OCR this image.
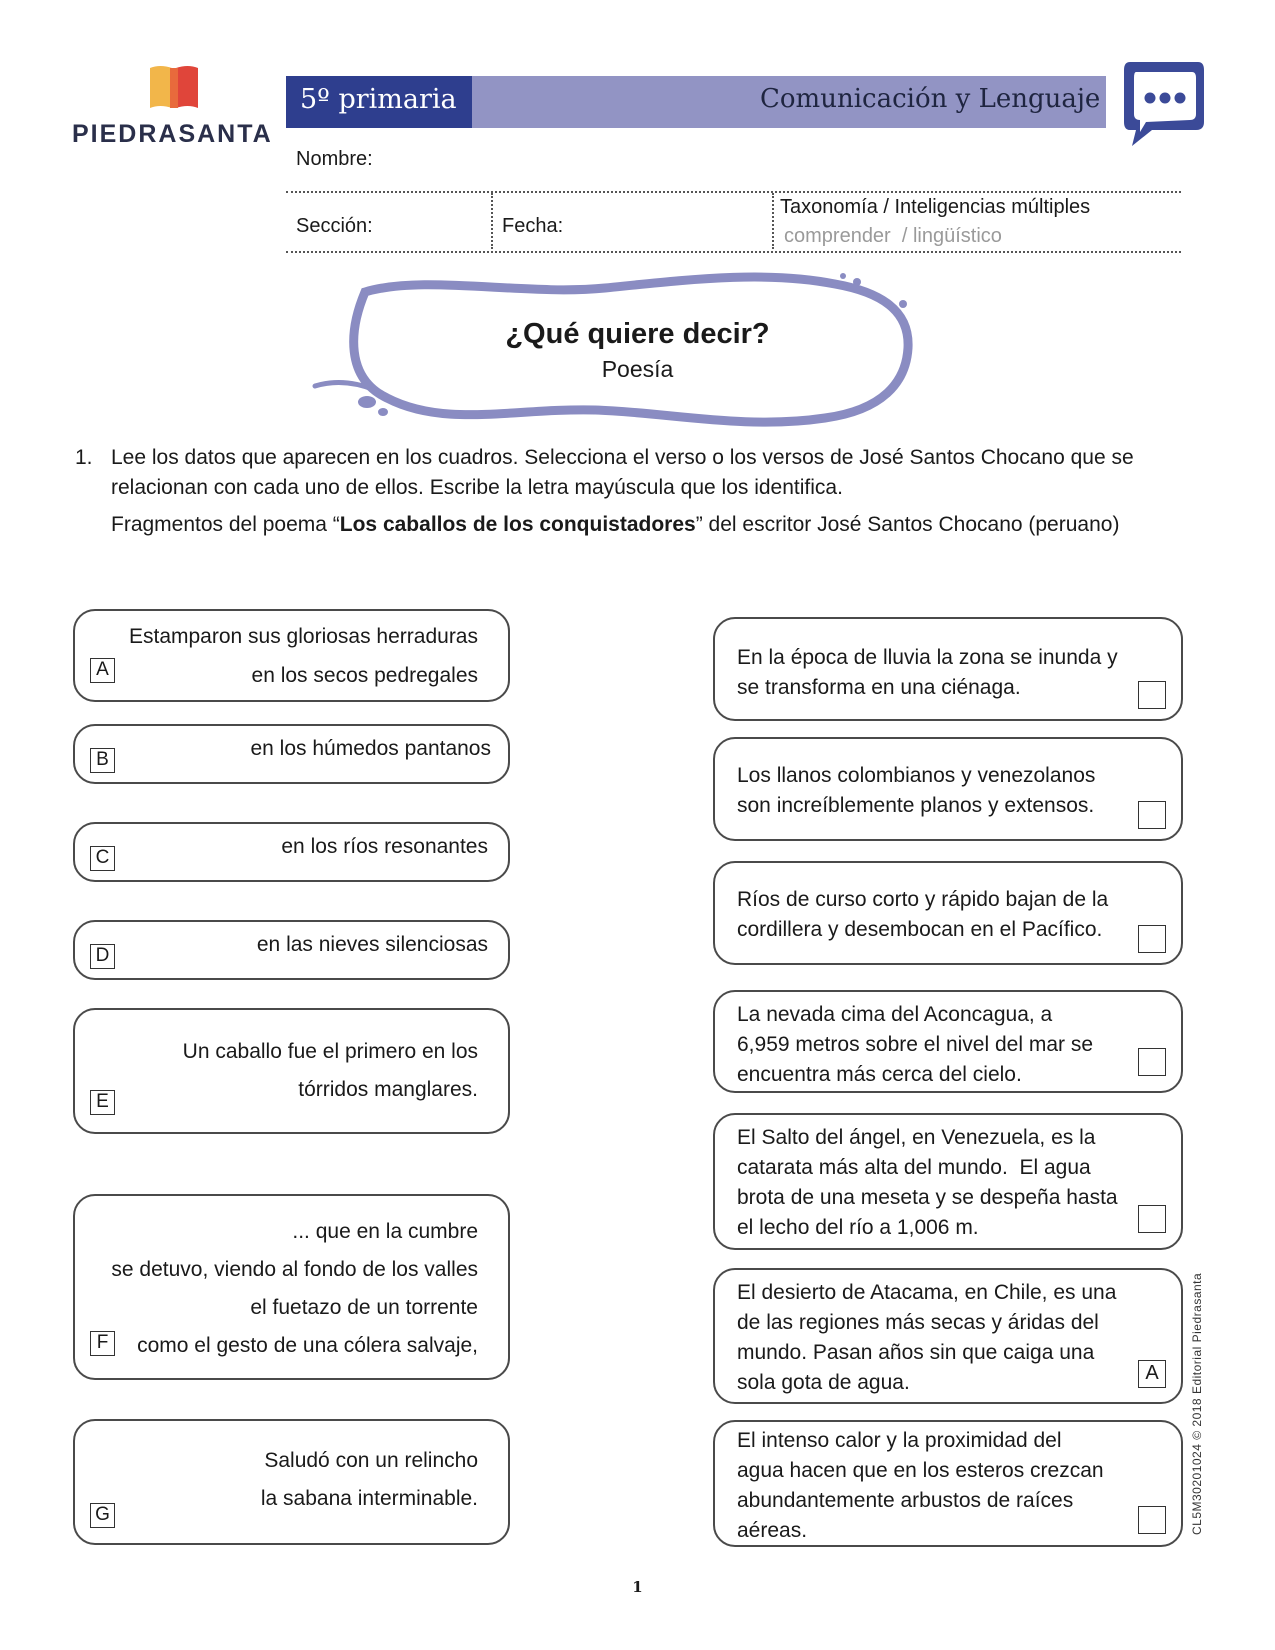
PIEDRASANTA
5º primaria	Comunicación y Lenguaje
Nombre:
Sección:	Fecha:
Taxonomía / Inteligencias múltiples
comprender  / lingüístico
¿Qué quiere decir?
Poesía
1. Lee los datos que aparecen en los cuadros. Selecciona el verso o los versos de José Santos Chocano que se
relacionan con cada uno de ellos. Escribe la letra mayúscula que los identifica.
Fragmentos del poema “Los caballos de los conquistadores” del escritor José Santos Chocano (peruano)
Estamparon sus gloriosas herraduras
en los secos pedregales
A
en los húmedos pantanos
B
en los ríos resonantes
C
en las nieves silenciosas
D
Un caballo fue el primero en los
tórridos manglares.
E
... que en la cumbre
se detuvo, viendo al fondo de los valles
el fuetazo de un torrente
como el gesto de una cólera salvaje,
F
Saludó con un relincho
la sabana interminable.
G
En la época de lluvia la zona se inunda y
se transforma en una ciénaga.
Los llanos colombianos y venezolanos
son increíblemente planos y extensos.
Ríos de curso corto y rápido bajan de la
cordillera y desembocan en el Pacífico.
La nevada cima del Aconcagua, a
6,959 metros sobre el nivel del mar se
encuentra más cerca del cielo.
El Salto del ángel, en Venezuela, es la
catarata más alta del mundo.  El agua
brota de una meseta y se despeña hasta
el lecho del río a 1,006 m.
El desierto de Atacama, en Chile, es una
de las regiones más secas y áridas del
mundo. Pasan años sin que caiga una
sola gota de agua.	A
El intenso calor y la proximidad del
agua hacen que en los esteros crezcan
abundantemente arbustos de raíces
aéreas.	CL5M30201024 © 2018 Editorial Piedrasanta
1
